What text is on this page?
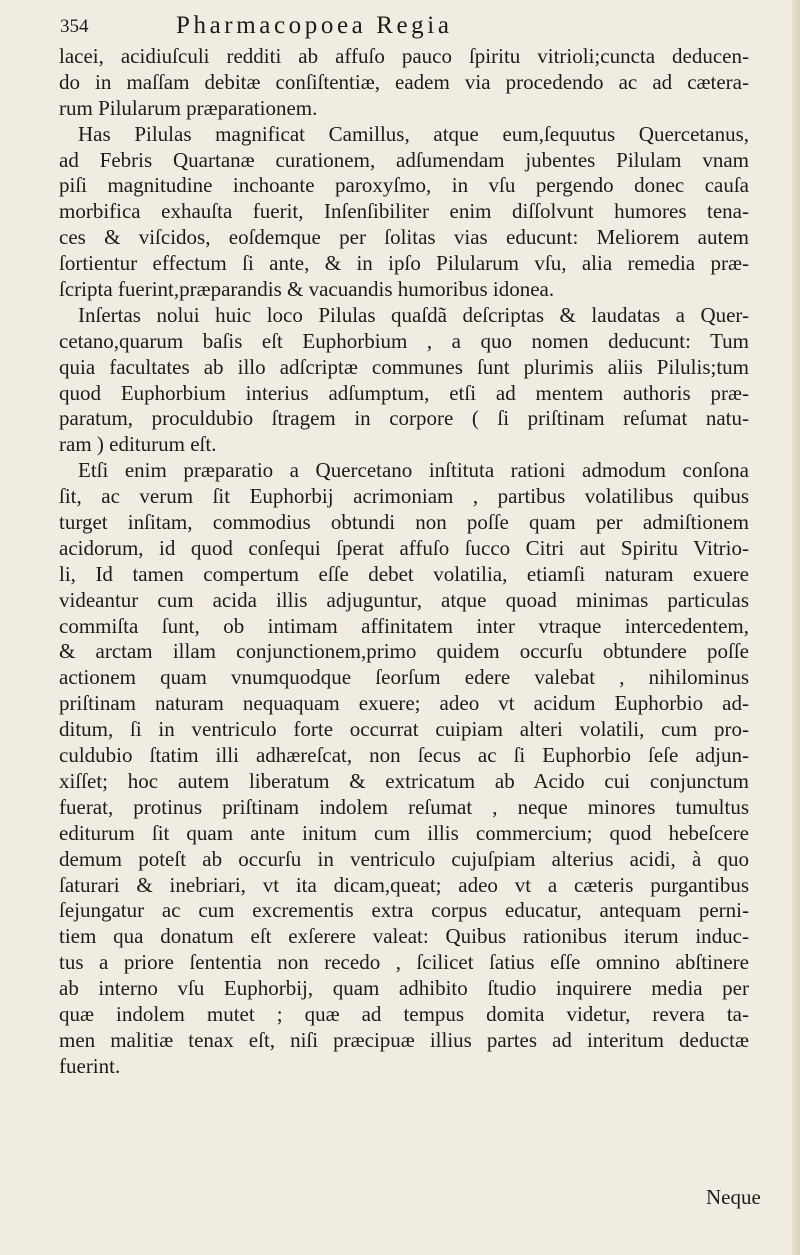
354	Pharmacopoea Regia
lacei, acidiuſculi redditi ab affuſo pauco ſpiritu vitrioli;cuncta deducen-
do in maſſam debitæ conſiſtentiæ, eadem via procedendo ac ad cætera-
rum Pilularum præparationem.
Has Pilulas magnificat Camillus, atque eum,ſequutus Quercetanus,
ad Febris Quartanæ curationem, adſumendam jubentes Pilulam vnam
piſi magnitudine inchoante paroxyſmo, in vſu pergendo donec cauſa
morbifica exhauſta fuerit, Inſenſibiliter enim diſſolvunt humores tena-
ces & viſcidos, eoſdemque per ſolitas vias educunt: Meliorem autem
ſortientur effectum ſi ante, & in ipſo Pilularum vſu, alia remedia præ-
ſcripta fuerint,præparandis & vacuandis humoribus idonea.
Inſertas nolui huic loco Pilulas quaſdã deſcriptas & laudatas a Quer-
cetano,quarum baſis eſt Euphorbium , a quo nomen deducunt: Tum
quia facultates ab illo adſcriptæ communes ſunt plurimis aliis Pilulis;tum
quod Euphorbium interius adſumptum, etſi ad mentem authoris præ-
paratum, proculdubio ſtragem in corpore ( ſi priſtinam reſumat natu-
ram ) editurum eſt.
Etſi enim præparatio a Quercetano inſtituta rationi admodum conſona
ſit, ac verum ſit Euphorbij acrimoniam , partibus volatilibus quibus
turget inſitam, commodius obtundi non poſſe quam per admiſtionem
acidorum, id quod conſequi ſperat affuſo ſucco Citri aut Spiritu Vitrio-
li, Id tamen compertum eſſe debet volatilia, etiamſi naturam exuere
videantur cum acida illis adjuguntur, atque quoad minimas particulas
commiſta ſunt, ob intimam affinitatem inter vtraque intercedentem,
& arctam illam conjunctionem,primo quidem occurſu obtundere poſſe
actionem quam vnumquodque ſeorſum edere valebat , nihilominus
priſtinam naturam nequaquam exuere; adeo vt acidum Euphorbio ad-
ditum, ſi in ventriculo forte occurrat cuipiam alteri volatili, cum pro-
culdubio ſtatim illi adhæreſcat, non ſecus ac ſi Euphorbio ſeſe adjun-
xiſſet; hoc autem liberatum & extricatum ab Acido cui conjunctum
fuerat, protinus priſtinam indolem reſumat , neque minores tumultus
editurum ſit quam ante initum cum illis commercium; quod hebeſcere
demum poteſt ab occurſu in ventriculo cujuſpiam alterius acidi, à quo
ſaturari & inebriari, vt ita dicam,queat; adeo vt a cæteris purgantibus
ſejungatur ac cum excrementis extra corpus educatur, antequam perni-
tiem qua donatum eſt exſerere valeat: Quibus rationibus iterum induc-
tus a priore ſententia non recedo , ſcilicet ſatius eſſe omnino abſtinere
ab interno vſu Euphorbij, quam adhibito ſtudio inquirere media per
quæ indolem mutet ; quæ ad tempus domita videtur, revera ta-
men malitiæ tenax eſt, niſi præcipuæ illius partes ad interitum deductæ
fuerint.
Neque
